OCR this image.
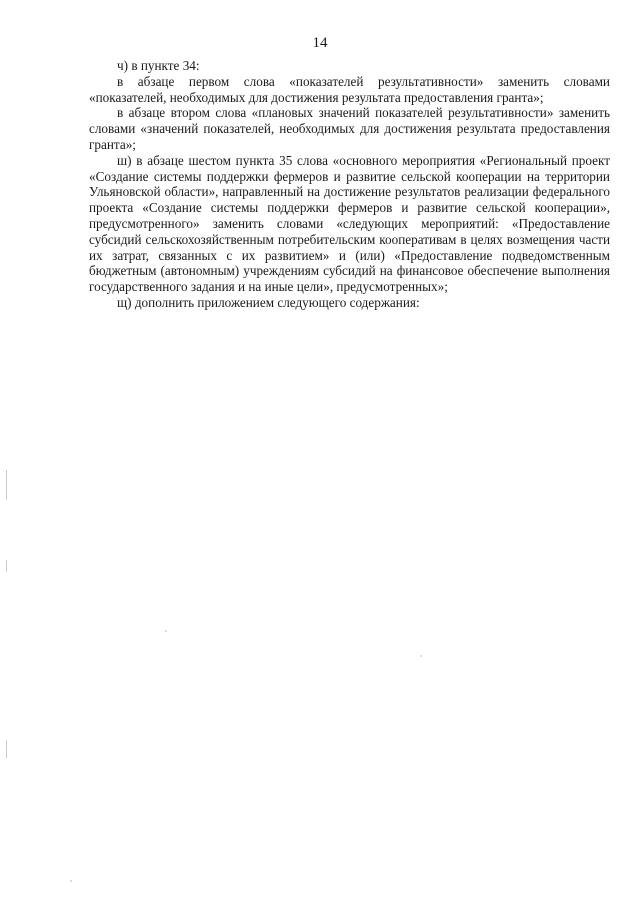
14

ч) в пункте 34:

в абзаце первом слова «показателей результативности» заменить словами «показателей, необходимых для достижения результата предоставления гранта»;

в абзаце втором слова «плановых значений показателей результативности» заменить словами «значений показателей, необходимых для достижения результата предоставления гранта»;

ш) в абзаце шестом пункта 35 слова «основного мероприятия «Региональный проект «Создание системы поддержки фермеров и развитие сельской кооперации на территории Ульяновской области», направленный на достижение результатов реализации федерального проекта «Создание системы поддержки фермеров и развитие сельской кооперации», предусмотренного» заменить словами «следующих мероприятий: «Предоставление субсидий сельскохозяйственным потребительским кооперативам в целях возмещения части их затрат, связанных с их развитием» и (или) «Предоставление подведомственным бюджетным (автономным) учреждениям субсидий на финансовое обеспечение выполнения государственного задания и на иные цели», предусмотренных»;

щ) дополнить приложением следующего содержания:
